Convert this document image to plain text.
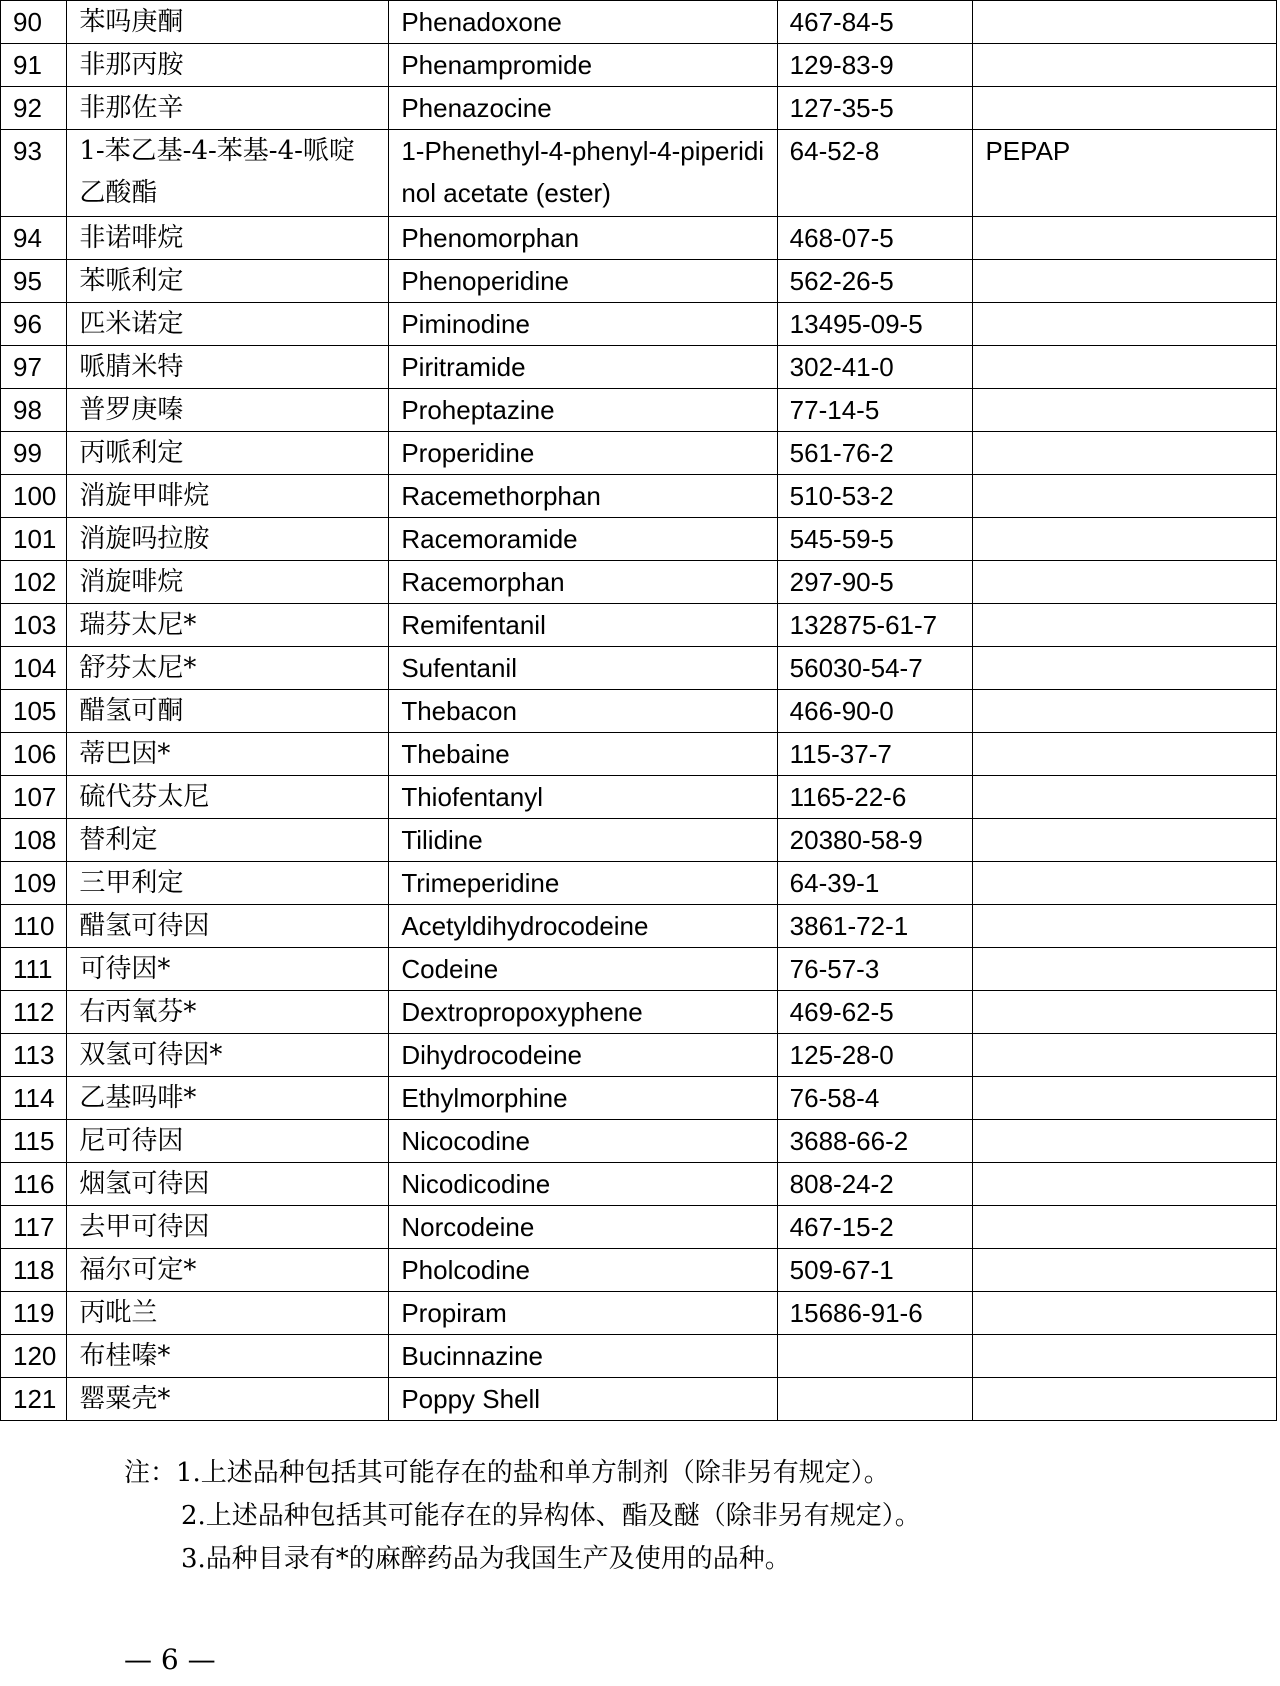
90	苯吗庚酮	Phenadoxone	467-84-5	
91	非那丙胺	Phenampromide	129-83-9	
92	非那佐辛	Phenazocine	127-35-5	
93	1-苯乙基-4-苯基-4-哌啶乙酸酯	1-Phenethyl-4-phenyl-4-piperidinol acetate (ester)	64-52-8	PEPAP
94	非诺啡烷	Phenomorphan	468-07-5	
95	苯哌利定	Phenoperidine	562-26-5	
96	匹米诺定	Piminodine	13495-09-5	
97	哌腈米特	Piritramide	302-41-0	
98	普罗庚嗪	Proheptazine	77-14-5	
99	丙哌利定	Properidine	561-76-2	
100	消旋甲啡烷	Racemethorphan	510-53-2	
101	消旋吗拉胺	Racemoramide	545-59-5	
102	消旋啡烷	Racemorphan	297-90-5	
103	瑞芬太尼*	Remifentanil	132875-61-7	
104	舒芬太尼*	Sufentanil	56030-54-7	
105	醋氢可酮	Thebacon	466-90-0	
106	蒂巴因*	Thebaine	115-37-7	
107	硫代芬太尼	Thiofentanyl	1165-22-6	
108	替利定	Tilidine	20380-58-9	
109	三甲利定	Trimeperidine	64-39-1	
110	醋氢可待因	Acetyldihydrocodeine	3861-72-1	
111	可待因*	Codeine	76-57-3	
112	右丙氧芬*	Dextropropoxyphene	469-62-5	
113	双氢可待因*	Dihydrocodeine	125-28-0	
114	乙基吗啡*	Ethylmorphine	76-58-4	
115	尼可待因	Nicocodine	3688-66-2	
116	烟氢可待因	Nicodicodine	808-24-2	
117	去甲可待因	Norcodeine	467-15-2	
118	福尔可定*	Pholcodine	509-67-1	
119	丙吡兰	Propiram	15686-91-6	
120	布桂嗪*	Bucinnazine		
121	罂粟壳*	Poppy Shell		
注：1.上述品种包括其可能存在的盐和单方制剂（除非另有规定）。
2.上述品种包括其可能存在的异构体、酯及醚（除非另有规定）。
3.品种目录有*的麻醉药品为我国生产及使用的品种。
— 6 —
